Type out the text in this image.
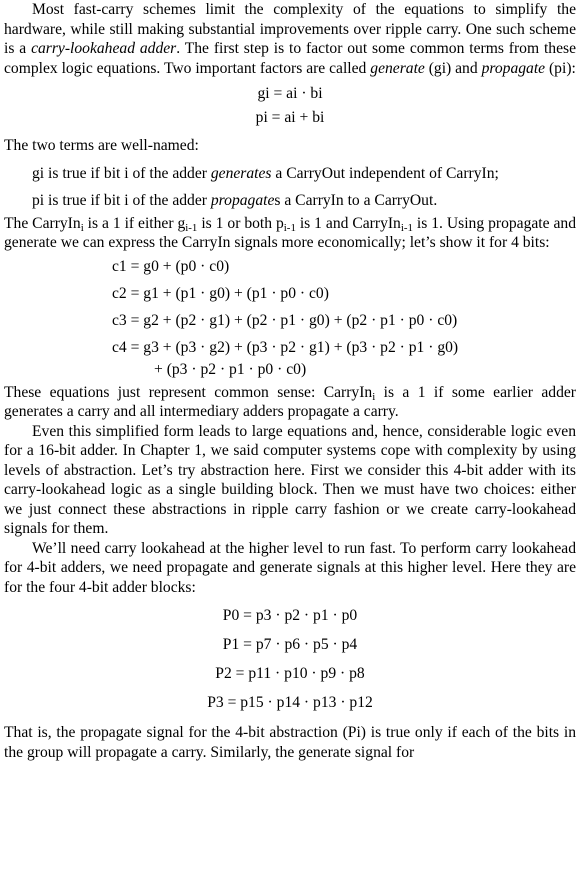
Most fast-carry schemes limit the complexity of the equations to simplify the hardware, while still making substantial improvements over ripple carry. One such scheme is a carry-lookahead adder. The first step is to factor out some common terms from these complex logic equations. Two important factors are called generate (gi) and propagate (pi):

gi = ai · bi
pi = ai + bi

The two terms are well-named:

gi is true if bit i of the adder generates a CarryOut independent of CarryIn;
pi is true if bit i of the adder propagates a CarryIn to a CarryOut.

The CarryIn$_i$ is a 1 if either $g_{i-1}$ is 1 or both $p_{i-1}$ is 1 and CarryIn$_{i-1}$ is 1. Using propagate and generate we can express the CarryIn signals more economically; let’s show it for 4 bits:

c1 = g0 + (p0 · c0)
c2 = g1 + (p1 · g0) + (p1 · p0 · c0)
c3 = g2 + (p2 · g1) + (p2 · p1 · g0) + (p2 · p1 · p0 · c0)
c4 = g3 + (p3 · g2) + (p3 · p2 · g1) + (p3 · p2 · p1 · g0)
+ (p3 · p2 · p1 · p0 · c0)

These equations just represent common sense: CarryIn$_i$ is a 1 if some earlier adder generates a carry and all intermediary adders propagate a carry.

Even this simplified form leads to large equations and, hence, considerable logic even for a 16-bit adder. In Chapter 1, we said computer systems cope with complexity by using levels of abstraction. Let’s try abstraction here. First we consider this 4-bit adder with its carry-lookahead logic as a single building block. Then we must have two choices: either we just connect these abstractions in ripple carry fashion or we create carry-lookahead signals for them.

We’ll need carry lookahead at the higher level to run fast. To perform carry lookahead for 4-bit adders, we need propagate and generate signals at this higher level. Here they are for the four 4-bit adder blocks:

P0 = p3 · p2 · p1 · p0
P1 = p7 · p6 · p5 · p4
P2 = p11 · p10 · p9 · p8
P3 = p15 · p14 · p13 · p12

That is, the propagate signal for the 4-bit abstraction (Pi) is true only if each of the bits in the group will propagate a carry. Similarly, the generate signal for
